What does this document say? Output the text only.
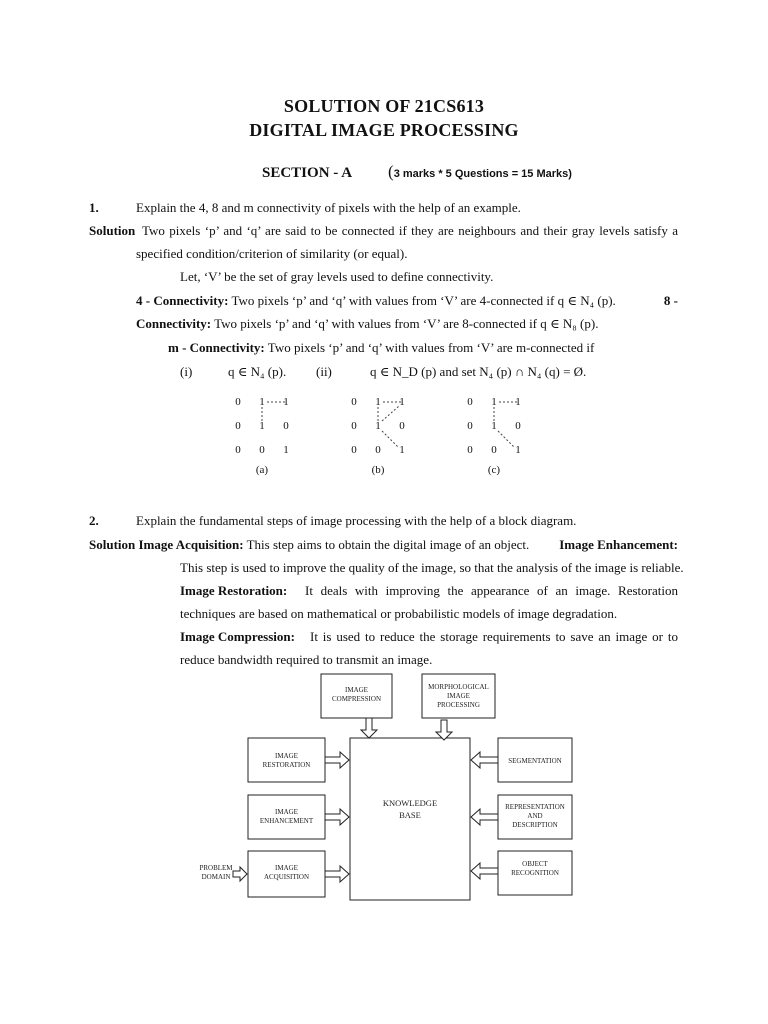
SOLUTION OF 21CS613
DIGITAL IMAGE PROCESSING
SECTION - A (3 marks * 5 Questions = 15 Marks)
1.	Explain the 4, 8 and m connectivity of pixels with the help of an example.
Solution Two pixels ‘p’ and ‘q’ are said to be connected if they are neighbours and their gray levels satisfy a
specified condition/criterion of similarity (or equal).
Let, ‘V’ be the set of gray levels used to define connectivity.
4 - Connectivity: Two pixels ‘p’ and ‘q’ with values from ‘V’ are 4-connected if q ∈ N₄ (p).	8 -
Connectivity: Two pixels ‘p’ and ‘q’ with values from ‘V’ are 8-connected if q ∈ N₈ (p).
m - Connectivity: Two pixels ‘p’ and ‘q’ with values from ‘V’ are m-connected if
(i)	q ∈ N₄ (p). (ii)	q ∈ N_D (p) and set N₄ (p) ∩ N₄ (q) = Ø.
0	1	1
0	1	0
0	0	1
(a)
0	1	1
0	1	0
0	0	1
(b)
0	1	1
0	1	0
0	0	1
(c)
2.	Explain the fundamental steps of image processing with the help of a block diagram.
Solution Image Acquisition: This step aims to obtain the digital image of an object. Image Enhancement:
This step is used to improve the quality of the image, so that the analysis of the image is reliable.
Image Restoration: It deals with improving the appearance of an image. Restoration
techniques are based on mathematical or probabilistic models of image degradation.
Image Compression: It is used to reduce the storage requirements to save an image or to
reduce bandwidth required to transmit an image.
KNOWLEDGE
BASE
IMAGE
COMPRESSION
MORPHOLOGICAL
IMAGE
PROCESSING
IMAGE
RESTORATION
IMAGE
ENHANCEMENT
IMAGE
ACQUISITION
PROBLEM
DOMAIN
SEGMENTATION
REPRESENTATION
AND
DESCRIPTION
OBJECT
RECOGNITION
